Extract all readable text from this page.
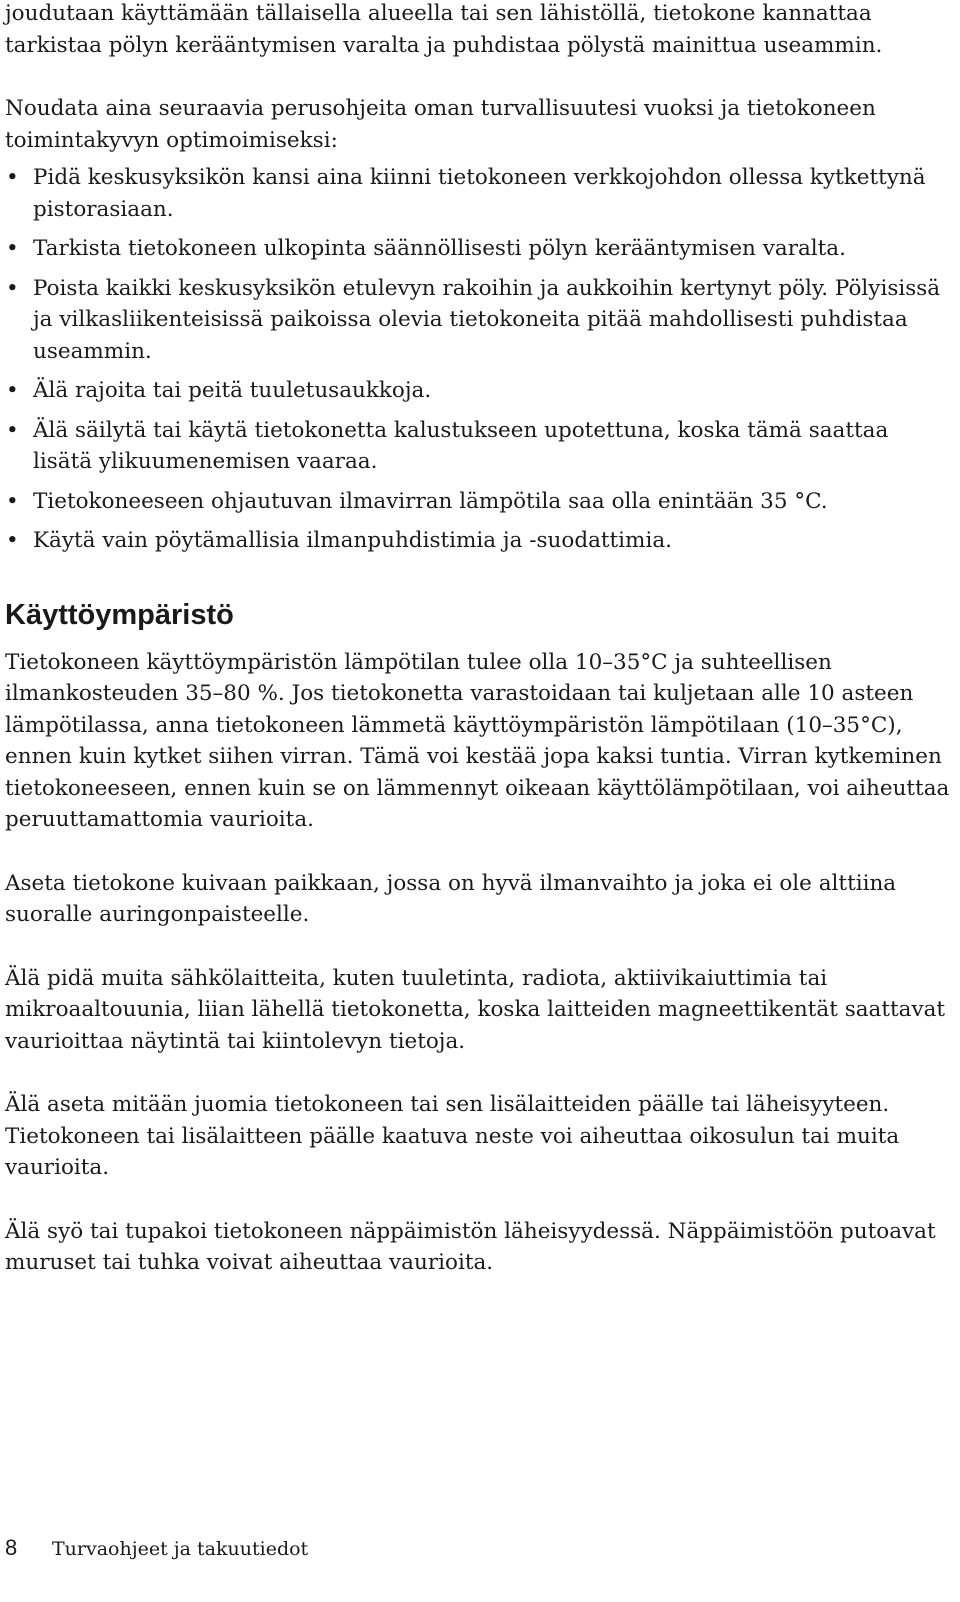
joudutaan käyttämään tällaisella alueella tai sen lähistöllä, tietokone kannattaa tarkistaa pölyn kerääntymisen varalta ja puhdistaa pölystä mainittua useammin.

Noudata aina seuraavia perusohjeita oman turvallisuutesi vuoksi ja tietokoneen toimintakyvyn optimoimiseksi:

• Pidä keskusyksikön kansi aina kiinni tietokoneen verkkojohdon ollessa kytkettynä pistorasiaan.
• Tarkista tietokoneen ulkopinta säännöllisesti pölyn kerääntymisen varalta.
• Poista kaikki keskusyksikön etulevyn rakoihin ja aukkoihin kertynyt pöly. Pölyisissä ja vilkasliikenteisissä paikoissa olevia tietokoneita pitää mahdollisesti puhdistaa useammin.
• Älä rajoita tai peitä tuuletusaukkoja.
• Älä säilytä tai käytä tietokonetta kalustukseen upotettuna, koska tämä saattaa lisätä ylikuumenemisen vaaraa.
• Tietokoneeseen ohjautuvan ilmavirran lämpötila saa olla enintään 35 °C.
• Käytä vain pöytämallisia ilmanpuhdistimia ja -suodattimia.
Käyttöympäristö

Tietokoneen käyttöympäristön lämpötilan tulee olla 10–35°C ja suhteellisen ilmankosteuden 35–80 %. Jos tietokonetta varastoidaan tai kuljetaan alle 10 asteen lämpötilassa, anna tietokoneen lämmetä käyttöympäristön lämpötilaan (10–35°C), ennen kuin kytket siihen virran. Tämä voi kestää jopa kaksi tuntia. Virran kytkeminen tietokoneeseen, ennen kuin se on lämmennyt oikeaan käyttölämpötilaan, voi aiheuttaa peruuttamattomia vaurioita.

Aseta tietokone kuivaan paikkaan, jossa on hyvä ilmanvaihto ja joka ei ole alttiina suoralle auringonpaisteelle.

Älä pidä muita sähkölaitteita, kuten tuuletinta, radiota, aktiivikaiuttimia tai mikroaaltouunia, liian lähellä tietokonetta, koska laitteiden magneettikentät saattavat vaurioittaa näytintä tai kiintolevyn tietoja.

Älä aseta mitään juomia tietokoneen tai sen lisälaitteiden päälle tai läheisyyteen. Tietokoneen tai lisälaitteen päälle kaatuva neste voi aiheuttaa oikosulun tai muita vaurioita.

Älä syö tai tupakoi tietokoneen näppäimistön läheisyydessä. Näppäimistöön putoavat muruset tai tuhka voivat aiheuttaa vaurioita.

8	Turvaohjeet ja takuutiedot
